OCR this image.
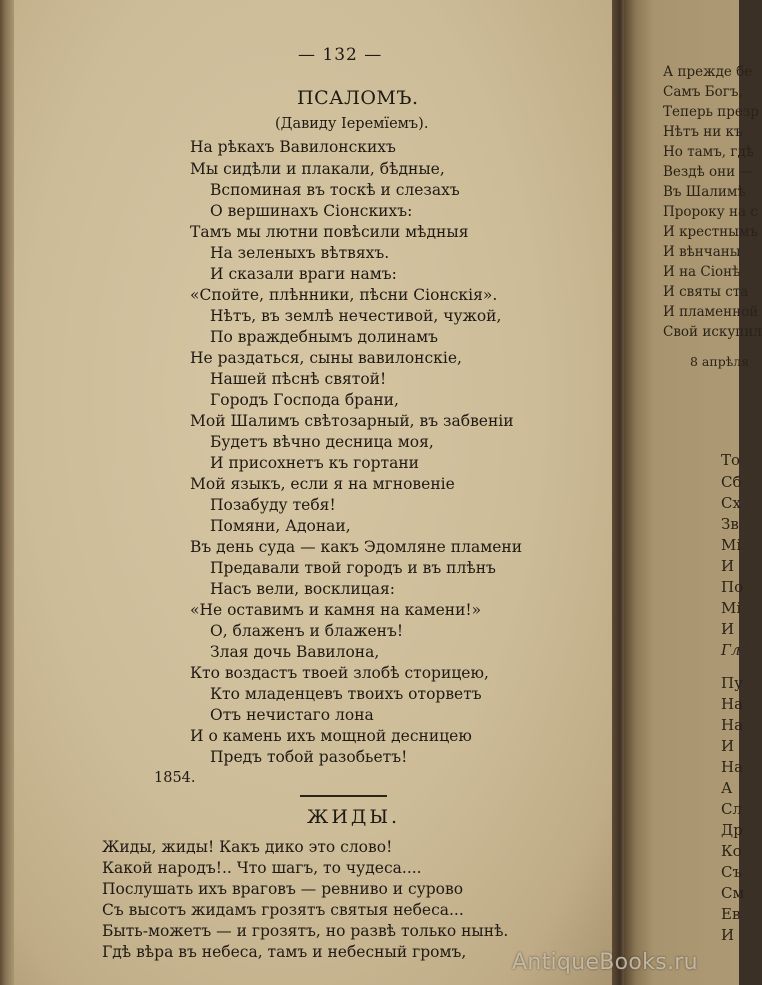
— 132 —
ПСАЛОМЪ.
(Давиду Іеремїемъ).
На рѣкахъ Вавилонскихъ
Мы сидѣли и плакали, бѣдные,
Вспоминая въ тоскѣ и слезахъ
О вершинахъ Сіонскихъ:
Тамъ мы лютни повѣсили мѣдныя
На зеленыхъ вѣтвяхъ.
И сказали враги намъ:
«Спойте, плѣнники, пѣсни Сіонскія».
Нѣтъ, въ землѣ нечестивой, чужой,
По враждебнымъ долинамъ
Не раздаться, сыны вавилонскіе,
Нашей пѣснѣ святой!
Городъ Господа брани,
Мой Шалимъ свѣтозарный, въ забвеніи
Будетъ вѣчно десница моя,
И присохнетъ къ гортани
Мой языкъ, если я на мгновеніе
Позабуду тебя!
Помяни, Адонаи,
Въ день суда — какъ Эдомляне пламени
Предавали твой городъ и въ плѣнъ
Насъ вели, восклицая:
«Не оставимъ и камня на камени!»
О, блаженъ и блаженъ!
Злая дочь Вавилона,
Кто воздастъ твоей злобѣ сторицею,
Кто младенцевъ твоихъ оторветъ
Отъ нечистаго лона
И о камень ихъ мощной десницею
Предъ тобой разобьетъ!
1854.
ЖИДЫ.
Жиды, жиды! Какъ дико это слово!
Какой народъ!.. Что шагъ, то чудеса....
Послушать ихъ враговъ — ревниво и сурово
Съ высотъ жидамъ грозятъ святыя небеса...
Быть-можетъ — и грозятъ, но развѣ только нынѣ.
Гдѣ вѣра въ небеса, тамъ и небесный громъ,
А прежде бе
Самъ Богъ,
Теперь презр
Нѣтъ ни къ
Но тамъ, гдѣ
Вездѣ они —
Въ Шалимѣ
Пророку на с
И крестнымъ
И вѣнчаны
И на Сіонѣ
И святы ста
И пламенной
Свой искупил
8 апрѣля
То
Сб
Сх
Зв
Мі
И
По
Мі
И
Гл
Пу
На
На
И
На
А
Сл
Др
Ко
Съ
См
Ев
И
AntiqueBooks.ru
